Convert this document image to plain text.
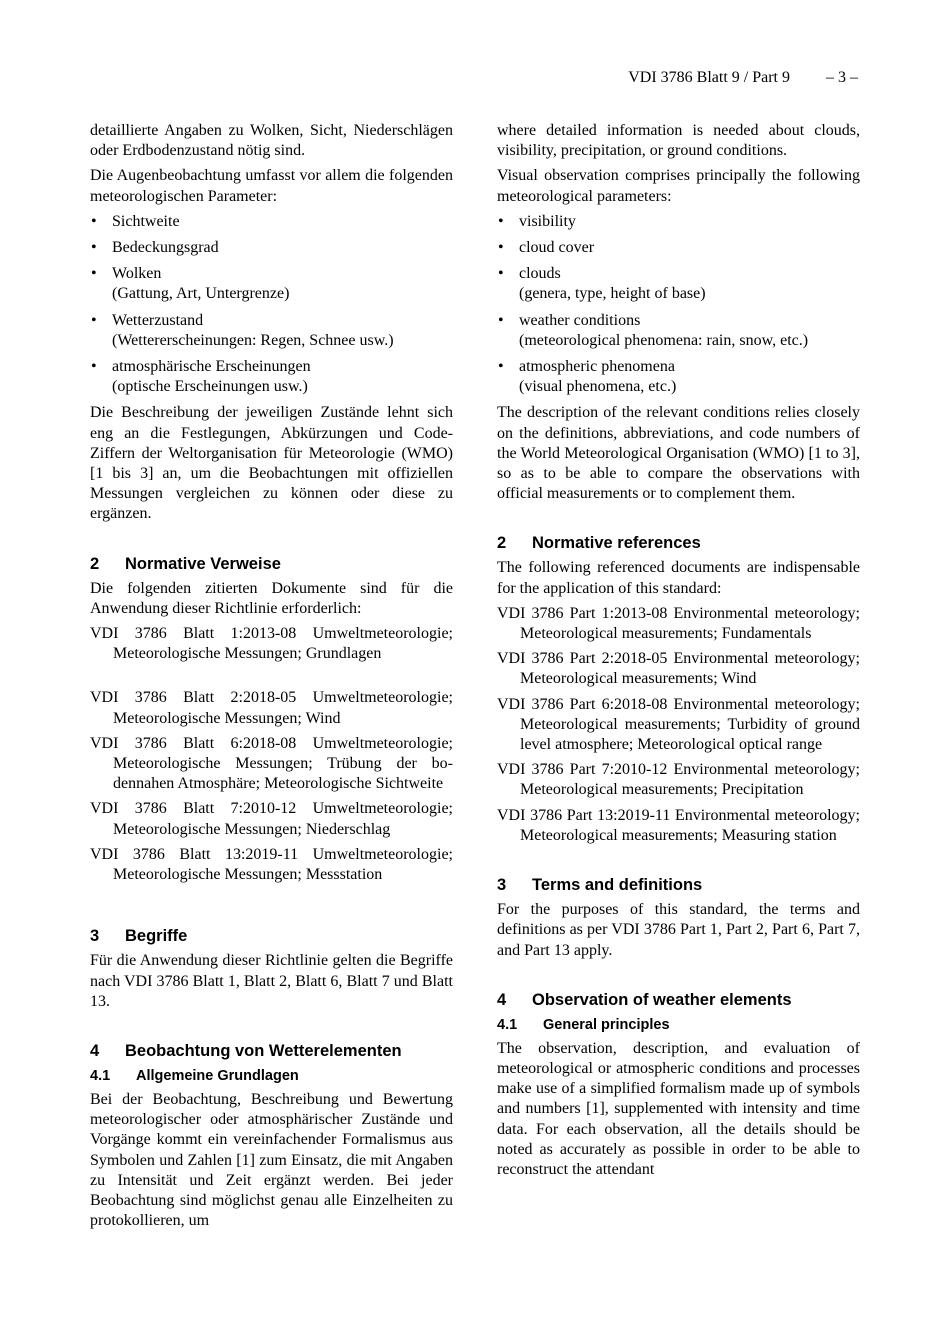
VDI 3786 Blatt 9 / Part 9 – 3 –

detaillierte Angaben zu Wolken, Sicht, Niederschlägen oder Erdbodenzustand nötig sind.

Die Augenbeobachtung umfasst vor allem die folgenden meteorologischen Parameter:

• Sichtweite
• Bedeckungsgrad
• Wolken
(Gattung, Art, Untergrenze)
• Wetterzustand
(Wettererscheinungen: Regen, Schnee usw.)
• atmosphärische Erscheinungen
(optische Erscheinungen usw.)

Die Beschreibung der jeweiligen Zustände lehnt sich eng an die Festlegungen, Abkürzungen und Code-Ziffern der Weltorganisation für Meteorologie (WMO) [1 bis 3] an, um die Beobachtungen mit offiziellen Messungen vergleichen zu können oder diese zu ergänzen.

2 Normative Verweise

Die folgenden zitierten Dokumente sind für die Anwendung dieser Richtlinie erforderlich:

VDI 3786 Blatt 1:2013-08 Umweltmeteorologie; Meteorologische Messungen; Grundlagen
VDI 3786 Blatt 2:2018-05 Umweltmeteorologie; Meteorologische Messungen; Wind
VDI 3786 Blatt 6:2018-08 Umweltmeteorologie; Meteorologische Messungen; Trübung der bodennahen Atmosphäre; Meteorologische Sichtweite
VDI 3786 Blatt 7:2010-12 Umweltmeteorologie; Meteorologische Messungen; Niederschlag
VDI 3786 Blatt 13:2019-11 Umweltmeteorologie; Meteorologische Messungen; Messstation
3 Begriffe

Für die Anwendung dieser Richtlinie gelten die Begriffe nach VDI 3786 Blatt 1, Blatt 2, Blatt 6, Blatt 7 und Blatt 13.

4 Beobachtung von Wetterelementen
4.1 Allgemeine Grundlagen

Bei der Beobachtung, Beschreibung und Bewertung meteorologischer oder atmosphärischer Zustände und Vorgänge kommt ein vereinfachender Formalismus aus Symbolen und Zahlen [1] zum Einsatz, die mit Angaben zu Intensität und Zeit ergänzt werden. Bei jeder Beobachtung sind möglichst genau alle Einzelheiten zu protokollieren, um

where detailed information is needed about clouds, visibility, precipitation, or ground conditions.

Visual observation comprises principally the following meteorological parameters:

• visibility
• cloud cover
• clouds
(genera, type, height of base)
• weather conditions
(meteorological phenomena: rain, snow, etc.)
• atmospheric phenomena
(visual phenomena, etc.)

The description of the relevant conditions relies closely on the definitions, abbreviations, and code numbers of the World Meteorological Organisation (WMO) [1 to 3], so as to be able to compare the observations with official measurements or to complement them.

2 Normative references

The following referenced documents are indispensable for the application of this standard:

VDI 3786 Part 1:2013-08 Environmental meteorology; Meteorological measurements; Fundamentals
VDI 3786 Part 2:2018-05 Environmental meteorology; Meteorological measurements; Wind
VDI 3786 Part 6:2018-08 Environmental meteorology; Meteorological measurements; Turbidity of ground level atmosphere; Meteorological optical range
VDI 3786 Part 7:2010-12 Environmental meteorology; Meteorological measurements; Precipitation
VDI 3786 Part 13:2019-11 Environmental meteorology; Meteorological measurements; Measuring station
3 Terms and definitions

For the purposes of this standard, the terms and definitions as per VDI 3786 Part 1, Part 2, Part 6, Part 7, and Part 13 apply.

4 Observation of weather elements
4.1 General principles

The observation, description, and evaluation of meteorological or atmospheric conditions and processes make use of a simplified formalism made up of symbols and numbers [1], supplemented with intensity and time data. For each observation, all the details should be noted as accurately as possible in order to be able to reconstruct the attendant
